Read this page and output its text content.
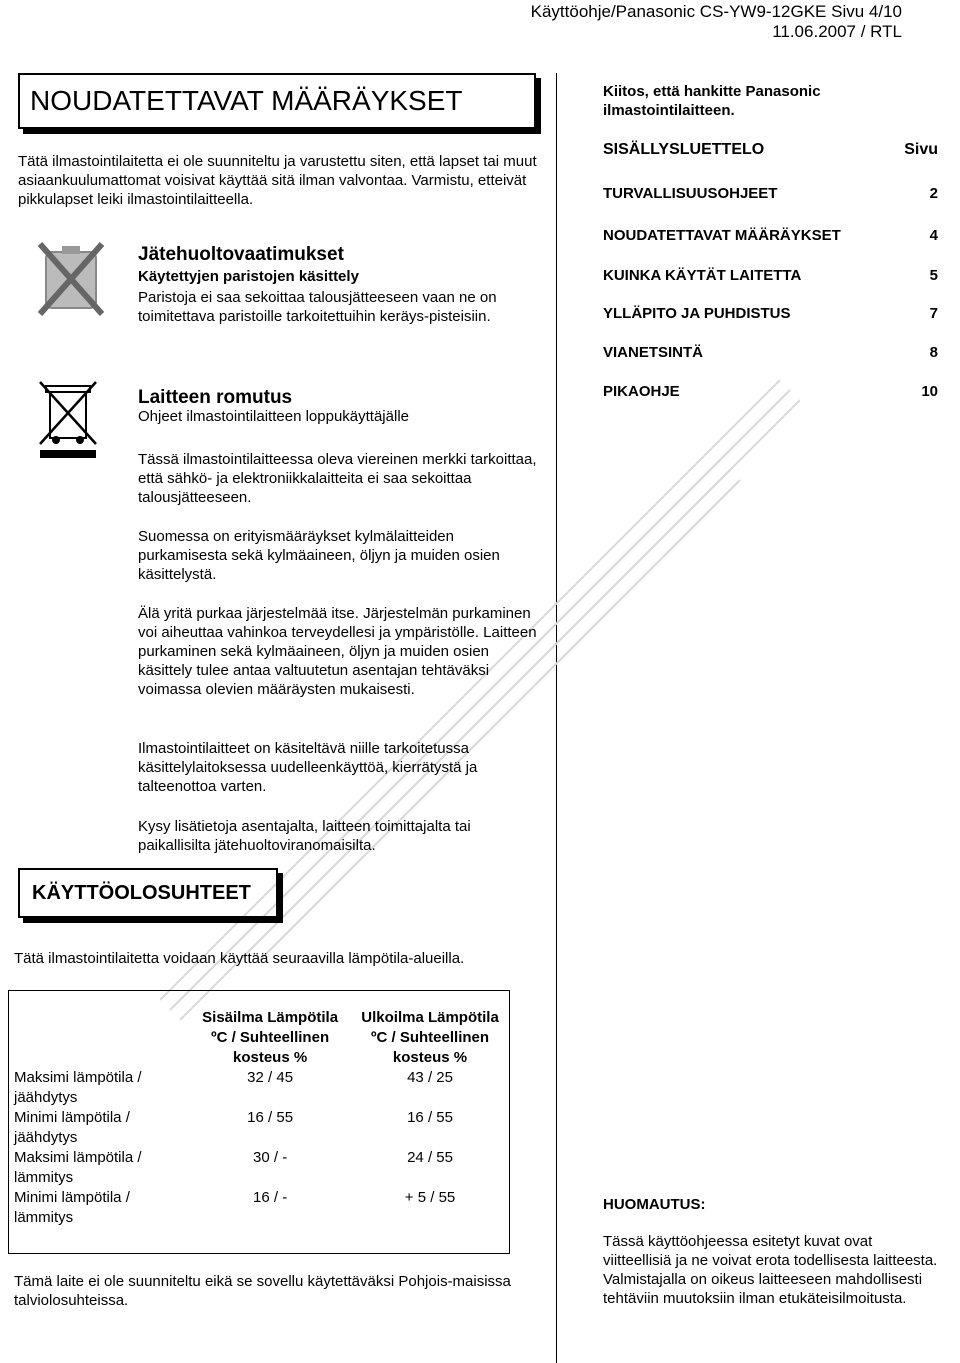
Käyttöohje/Panasonic CS-YW9-12GKE Sivu 4/10
11.06.2007 / RTL
NOUDATETTAVAT MÄÄRÄYKSET
Tätä ilmastointilaitetta ei ole suunniteltu ja varustettu siten, että lapset tai muut asiaankuulumattomat voisivat käyttää sitä ilman valvontaa. Varmistu, etteivät pikkulapset leiki ilmastointilaitteella.
Jätehuoltovaatimukset
Käytettyjen paristojen käsittely
Paristoja ei saa sekoittaa talousjätteeseen vaan ne on toimitettava paristoille tarkoitettuihin keräys-pisteisiin.
Laitteen romutus
Ohjeet ilmastointilaitteen loppukäyttäjälle
Tässä ilmastointilaitteessa oleva viereinen merkki tarkoittaa, että sähkö- ja elektroniikkalaitteita ei saa sekoittaa talousjätteeseen.
Suomessa on erityismääräykset kylmälaitteiden purkamisesta sekä kylmäaineen, öljyn ja muiden osien käsittelystä.
Älä yritä purkaa järjestelmää itse. Järjestelmän purkaminen voi aiheuttaa vahinkoa terveydellesi ja ympäristölle. Laitteen purkaminen sekä kylmäaineen, öljyn ja muiden osien käsittely tulee antaa valtuutetun asentajan tehtäväksi voimassa olevien määräysten mukaisesti.
Ilmastointilaitteet on käsiteltävä niille tarkoitetussa käsittelylaitoksessa uudelleenkäyttöä, kierrätystä ja talteenottoa varten.
Kysy lisätietoja asentajalta, laitteen toimittajalta tai paikallisilta jätehuoltoviranomaisilta.
KÄYTTÖOLOSUHTEET
Tätä ilmastointilaitetta voidaan käyttää seuraavilla lämpötila-alueilla.
	Sisäilma Lämpötila ºC / Suhteellinen kosteus %	Ulkoilma Lämpötila ºC / Suhteellinen kosteus %
Maksimi lämpötila / jäähdytys	32 / 45	43 / 25
Minimi lämpötila / jäähdytys	16 / 55	16 / 55
Maksimi lämpötila / lämmitys	30 / -	24 / 55
Minimi lämpötila / lämmitys	16 / -	+ 5 / 55
Tämä laite ei ole suunniteltu eikä se sovellu käytettäväksi Pohjois-maisissa talviolosuhteissa.
Kiitos, että hankitte Panasonic ilmastointilaitteen.
SISÄLLYSLUETTELO	Sivu
TURVALLISUUSOHJEET	2
NOUDATETTAVAT MÄÄRÄYKSET	4
KUINKA KÄYTÄT LAITETTA	5
YLLÄPITO JA PUHDISTUS	7
VIANETSINTÄ	8
PIKAOHJE	10
HUOMAUTUS:
Tässä käyttöohjeessa esitetyt kuvat ovat viitteellisiä ja ne voivat erota todellisesta laitteesta. Valmistajalla on oikeus laitteeseen mahdollisesti tehtäviin muutoksiin ilman etukäteisilmoitusta.
